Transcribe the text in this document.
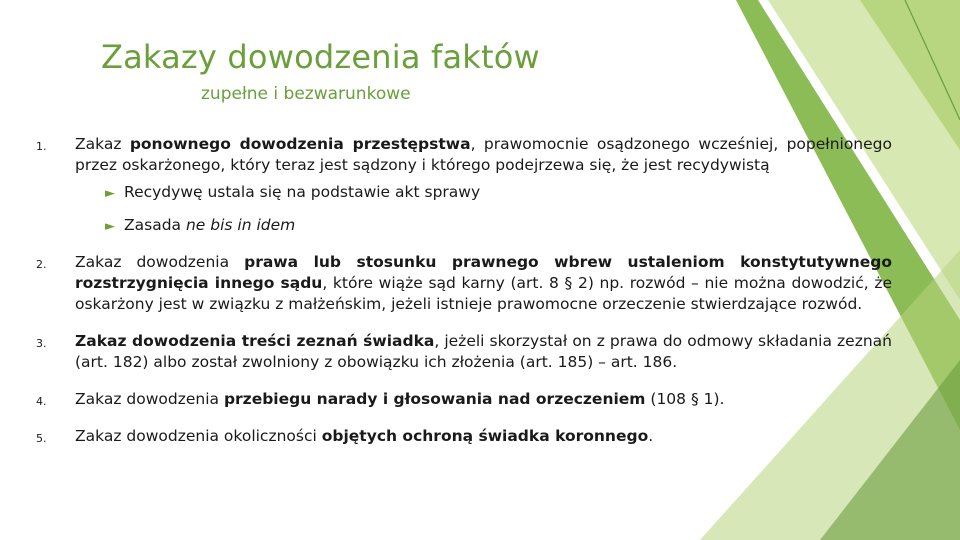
Zakazy dowodzenia faktów
zupełne i bezwarunkowe
1. Zakaz ponownego dowodzenia przestępstwa, prawomocnie osądzonego wcześniej, popełnionego przez oskarżonego, który teraz jest sądzony i którego podejrzewa się, że jest recydywistą
► Recydywę ustala się na podstawie akt sprawy
► Zasada ne bis in idem
2. Zakaz dowodzenia prawa lub stosunku prawnego wbrew ustaleniom konstytutywnego rozstrzygnięcia innego sądu, które wiąże sąd karny (art. 8 § 2) np. rozwód – nie można dowodzić, że oskarżony jest w związku z małżeńskim, jeżeli istnieje prawomocne orzeczenie stwierdzające rozwód.
3. Zakaz dowodzenia treści zeznań świadka, jeżeli skorzystał on z prawa do odmowy składania zeznań (art. 182) albo został zwolniony z obowiązku ich złożenia (art. 185) – art. 186.
4. Zakaz dowodzenia przebiegu narady i głosowania nad orzeczeniem (108 § 1).
5. Zakaz dowodzenia okoliczności objętych ochroną świadka koronnego.
